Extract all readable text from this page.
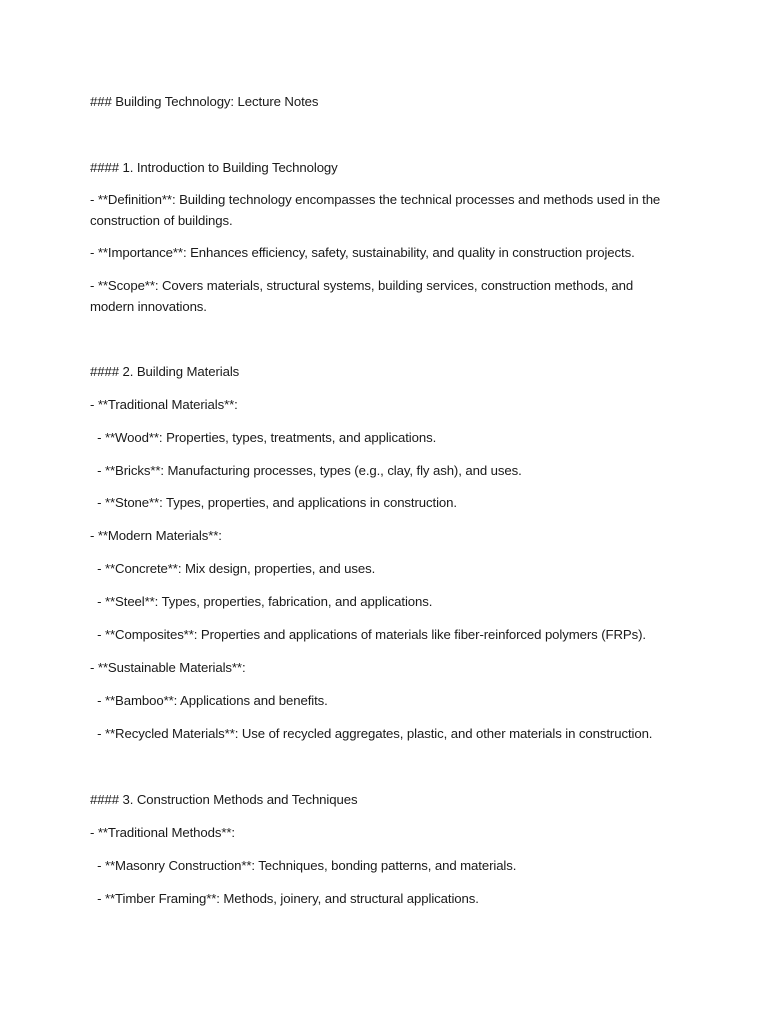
### Building Technology: Lecture Notes
#### 1. Introduction to Building Technology
- **Definition**: Building technology encompasses the technical processes and methods used in the construction of buildings.
- **Importance**: Enhances efficiency, safety, sustainability, and quality in construction projects.
- **Scope**: Covers materials, structural systems, building services, construction methods, and modern innovations.
#### 2. Building Materials
- **Traditional Materials**:
- **Wood**: Properties, types, treatments, and applications.
- **Bricks**: Manufacturing processes, types (e.g., clay, fly ash), and uses.
- **Stone**: Types, properties, and applications in construction.
- **Modern Materials**:
- **Concrete**: Mix design, properties, and uses.
- **Steel**: Types, properties, fabrication, and applications.
- **Composites**: Properties and applications of materials like fiber-reinforced polymers (FRPs).
- **Sustainable Materials**:
- **Bamboo**: Applications and benefits.
- **Recycled Materials**: Use of recycled aggregates, plastic, and other materials in construction.
#### 3. Construction Methods and Techniques
- **Traditional Methods**:
- **Masonry Construction**: Techniques, bonding patterns, and materials.
- **Timber Framing**: Methods, joinery, and structural applications.
